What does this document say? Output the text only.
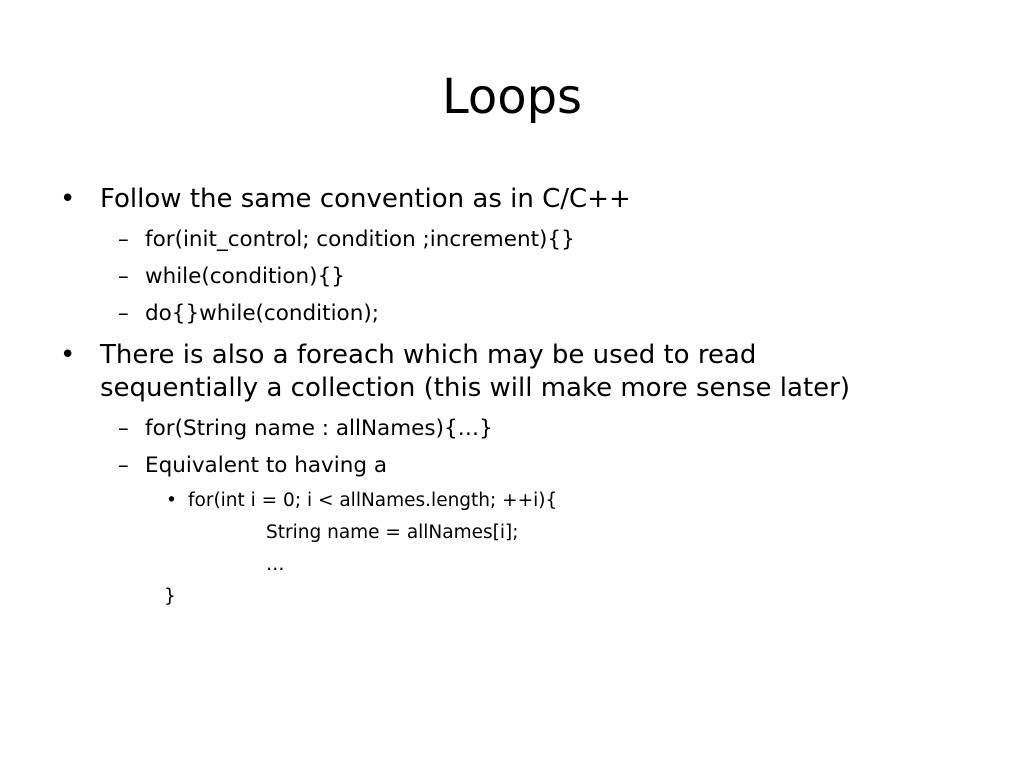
Loops
• Follow the same convention as in C/C++
– for(init_control; condition ;increment){}
– while(condition){}
– do{}while(condition);
• There is also a foreach which may be used to read
sequentially a collection (this will make more sense later)
– for(String name : allNames){…}
– Equivalent to having a
• for(int i = 0; i < allNames.length; ++i){
String name = allNames[i];
…
}
